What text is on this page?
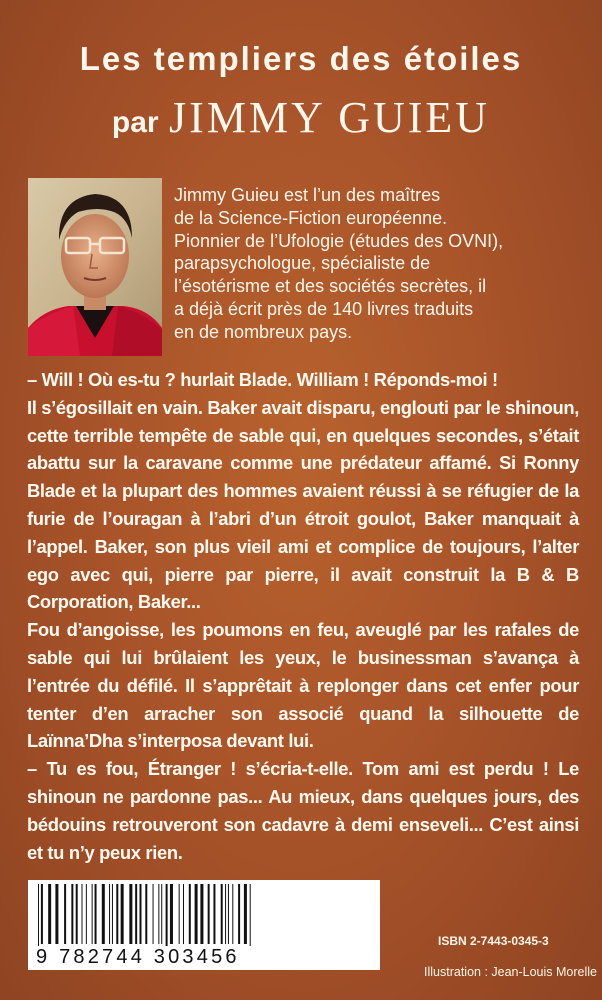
Les templiers des étoiles
par JIMMY GUIEU
Jimmy Guieu est l’un des maîtres
de la Science-Fiction européenne.
Pionnier de l’Ufologie (études des OVNI),
parapsychologue, spécialiste de
l’ésotérisme et des sociétés secrètes, il
a déjà écrit près de 140 livres traduits
en de nombreux pays.

– Will ! Où es-tu ? hurlait Blade. William ! Réponds-moi !

Il s’égosillait en vain. Baker avait disparu, englouti par le shinoun, cette terrible tempête de sable qui, en quelques secondes, s’était abattu sur la caravane comme une prédateur affamé. Si Ronny Blade et la plupart des hommes avaient réussi à se réfugier de la furie de l’ouragan à l’abri d’un étroit goulot, Baker manquait à l’appel. Baker, son plus vieil ami et complice de toujours, l’alter ego avec qui, pierre par pierre, il avait construit la B & B Corporation, Baker...

Fou d’angoisse, les poumons en feu, aveuglé par les rafales de sable qui lui brûlaient les yeux, le businessman s’avança à l’entrée du défilé. Il s’apprêtait à replonger dans cet enfer pour tenter d’en arracher son associé quand la silhouette de Laïnna’Dha s’interposa devant lui.

– Tu es fou, Étranger ! s’écria-t-elle. Tom ami est perdu ! Le shinoun ne pardonne pas... Au mieux, dans quelques jours, des bédouins retrouveront son cadavre à demi enseveli... C’est ainsi et tu n’y peux rien.

9 782744 303456
ISBN 2-7443-0345-3
Illustration : Jean-Louis Morelle
